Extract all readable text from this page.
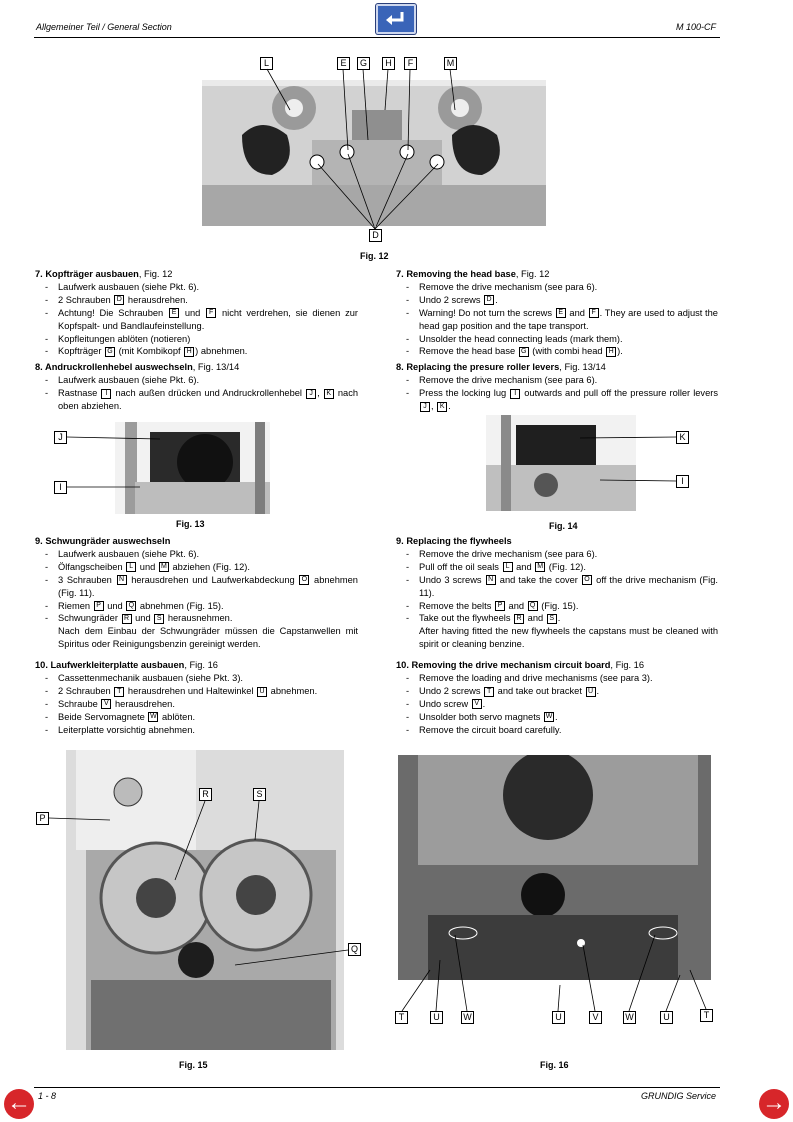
Allgemeiner Teil / General Section	M 100-CF
L	E	G	H	F	M
D
Fig. 12
7. Kopfträger ausbauen, Fig. 12
- Laufwerk ausbauen (siehe Pkt. 6).
- 2 Schrauben D herausdrehen.
- Achtung! Die Schrauben E und F nicht verdrehen, sie dienen zur Kopfspalt- und Bandlaufeinstellung.
- Kopfleitungen ablöten (notieren)
- Kopfträger G (mit Kombikopf H ) abnehmen.
8. Andruckrollenhebel auswechseln, Fig. 13/14
- Laufwerk ausbauen (siehe Pkt. 6).
- Rastnase I nach außen drücken und Andruckrollenhebel J , K nach oben abziehen.
7. Removing the head base, Fig. 12
- Remove the drive mechanism (see para 6).
- Undo 2 screws D .
- Warning! Do not turn the screws E and F . They are used to adjust the head gap position and the tape transport.
- Unsolder the head connecting leads (mark them).
- Remove the head base G (with combi head H ).
8. Replacing the presure roller levers, Fig. 13/14
- Remove the drive mechanism (see para 6).
- Press the locking lug I outwards and pull off the pressure roller levers J , K .
J
I
Fig. 13
K
I
Fig. 14
9. Schwungräder auswechseln
- Laufwerk ausbauen (siehe Pkt. 6).
- Ölfangscheiben L und M abziehen (Fig. 12).
- 3 Schrauben N herausdrehen und Laufwerkabdeckung O abnehmen (Fig. 11).
- Riemen P und Q abnehmen (Fig. 15).
- Schwungräder R und S herausnehmen.
Nach dem Einbau der Schwungräder müssen die Capstanwellen mit Spiritus oder Reinigungsbenzin gereinigt werden.
10. Laufwerkleiterplatte ausbauen, Fig. 16
- Cassettenmechanik ausbauen (siehe Pkt. 3).
- 2 Schrauben T herausdrehen und Haltewinkel U abnehmen.
- Schraube V herausdrehen.
- Beide Servomagnete W ablöten.
- Leiterplatte vorsichtig abnehmen.
9. Replacing the flywheels
- Remove the drive mechanism (see para 6).
- Pull off the oil seals L and M (Fig. 12).
- Undo 3 screws N and take the cover O off the drive mechanism (Fig. 11).
- Remove the belts P and Q (Fig. 15).
- Take out the flywheels R and S .
After having fitted the new flywheels the capstans must be cleaned with spirit or cleaning benzine.
10. Removing the drive mechanism circuit board, Fig. 16
- Remove the loading and drive mechanisms (see para 3).
- Undo 2 screws T and take out bracket U .
- Undo screw V .
- Unsolder both servo magnets W .
- Remove the circuit board carefully.
P
R	S
Q
Fig. 15
T	U	W	U	V	W	U	T
Fig. 16
1 - 8	GRUNDIG Service
←	→
